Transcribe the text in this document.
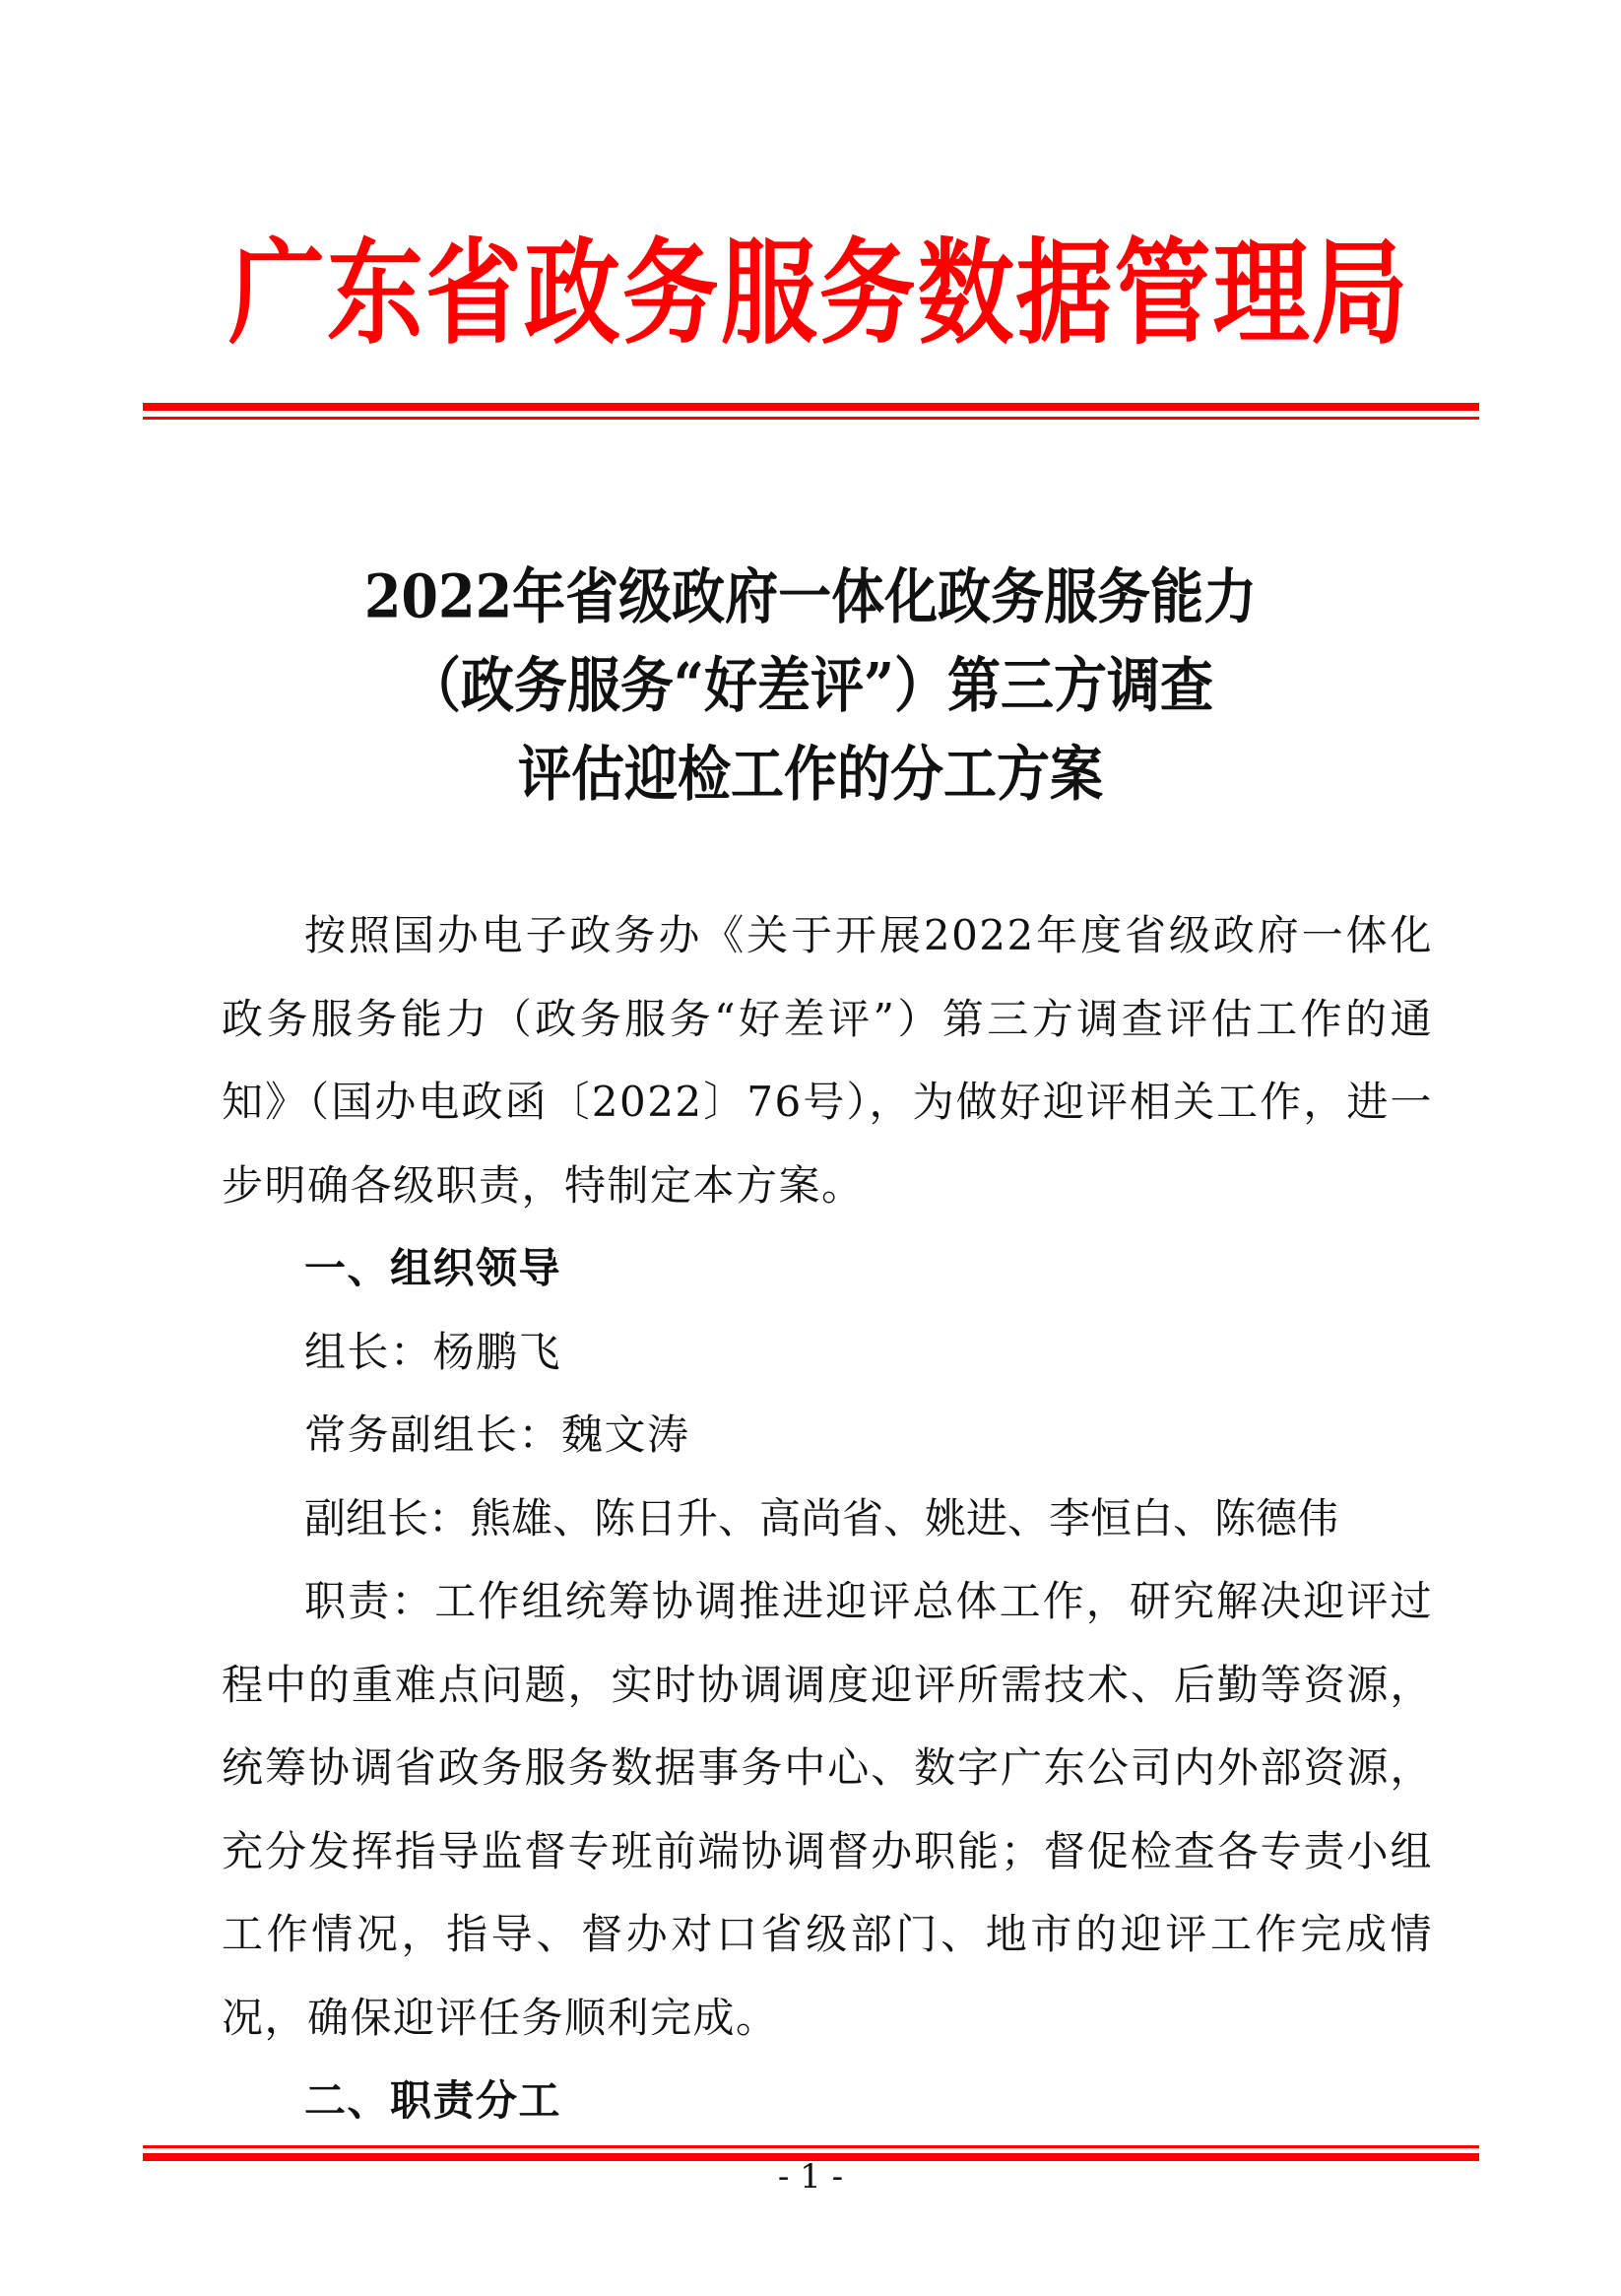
广东省政务服务数据管理局
2022年省级政府一体化政务服务能力
（政务服务“好差评”）第三方调查
评估迎检工作的分工方案

按照国办电子政务办《关于开展2022年度省级政府一体化政务服务能力（政务服务“好差评”）第三方调查评估工作的通知》（国办电政函〔2022〕76号），为做好迎评相关工作，进一步明确各级职责，特制定本方案。

一、组织领导

组长：杨鹏飞

常务副组长：魏文涛

副组长：熊雄、陈日升、高尚省、姚进、李恒白、陈德伟

职责：工作组统筹协调推进迎评总体工作，研究解决迎评过程中的重难点问题，实时协调调度迎评所需技术、后勤等资源，统筹协调省政务服务数据事务中心、数字广东公司内外部资源，充分发挥指导监督专班前端协调督办职能；督促检查各专责小组工作情况，指导、督办对口省级部门、地市的迎评工作完成情况，确保迎评任务顺利完成。

二、职责分工

- 1 -
